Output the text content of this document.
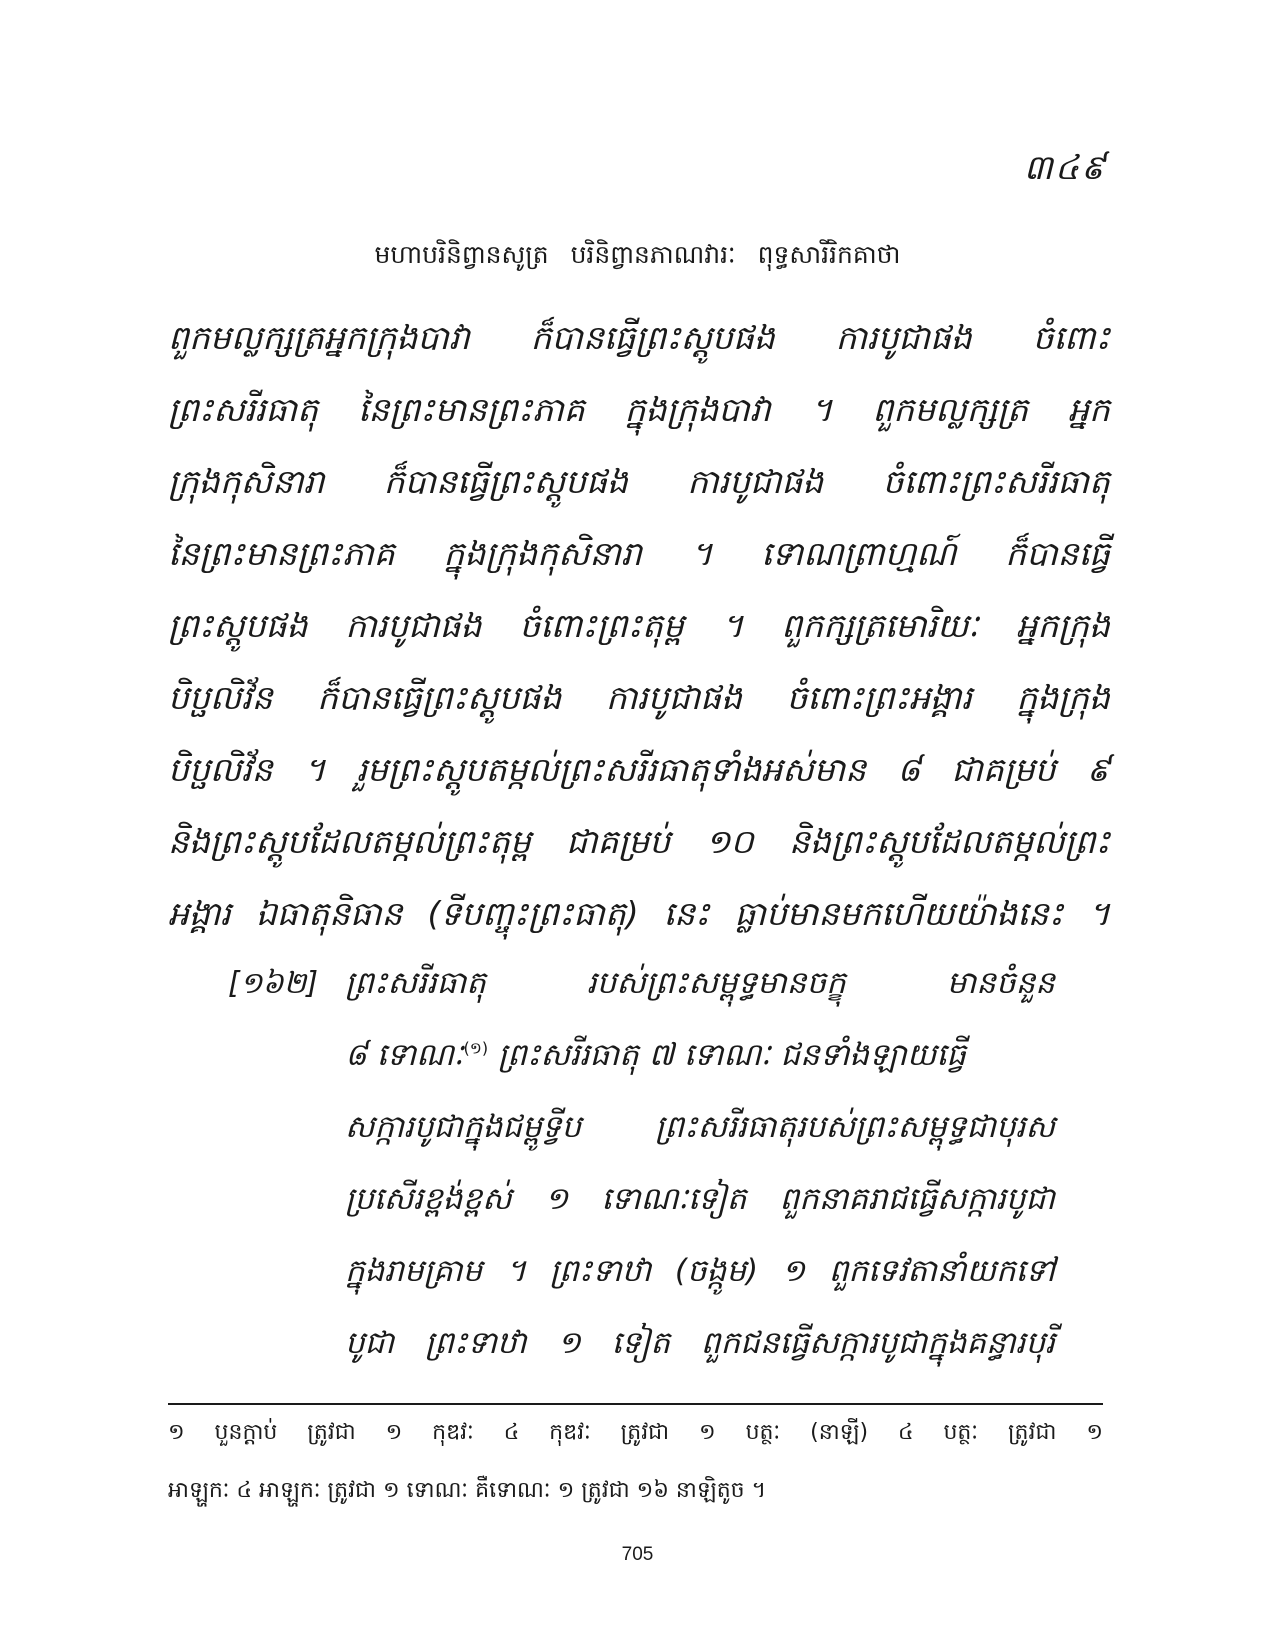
៣៤៩
មហាបរិនិព្វានសូត្រ បរិនិព្វានភាណវារៈ ពុទ្ធសារីរិកគាថា
ពួកមល្លក្សត្រអ្នកក្រុងបាវា ក៏បានធ្វើព្រះស្តូបផង ការបូជាផង ចំពោះ
ព្រះសរីរធាតុ នៃព្រះមានព្រះភាគ ក្នុងក្រុងបាវា ។ ពួកមល្លក្សត្រ អ្នក
ក្រុងកុសិនារា ក៏បានធ្វើព្រះស្តូបផង ការបូជាផង ចំពោះព្រះសរីរធាតុ
នៃព្រះមានព្រះភាគ ក្នុងក្រុងកុសិនារា ។ ទោណព្រាហ្មណ៍ ក៏បានធ្វើ
ព្រះស្តូបផង ការបូជាផង ចំពោះព្រះតុម្ព ។ ពួកក្សត្រមោរិយៈ អ្នកក្រុង
បិប្ផលិវ័ន ក៏បានធ្វើព្រះស្តូបផង ការបូជាផង ចំពោះព្រះអង្គារ ក្នុងក្រុង
បិប្ផលិវ័ន ។ រួមព្រះស្តូបតម្កល់ព្រះសរីរធាតុទាំងអស់មាន ៨ ជាគម្រប់ ៩
និងព្រះស្តូបដែលតម្កល់ព្រះតុម្ព ជាគម្រប់ ១០ និងព្រះស្តូបដែលតម្កល់ព្រះ
អង្គារ ឯធាតុនិធាន (ទីបញ្ចុះព្រះធាតុ) នេះ ធ្លាប់មានមកហើយយ៉ាងនេះ ។
[១៦២] ព្រះសរីរធាតុ របស់ព្រះសម្ពុទ្ធមានចក្ខុ មានចំនួន
៨ ទោណៈ$^{(១)}$ ព្រះសរីរធាតុ ៧ ទោណៈ ជនទាំងឡាយធ្វើ
សក្ការបូជាក្នុងជម្ពូទ្វីប ព្រះសរីរធាតុរបស់ព្រះសម្ពុទ្ធជាបុរស
ប្រសើរខ្ពង់ខ្ពស់ ១ ទោណៈទៀត ពួកនាគរាជធ្វើសក្ការបូជា
ក្នុងរាមគ្រាម ។ ព្រះទាឋា (ចង្កូម) ១ ពួកទេវតានាំយកទៅ
បូជា ព្រះទាឋា ១ ទៀត ពួកជនធ្វើសក្ការបូជាក្នុងគន្ធារបុរី
១ បួនក្តាប់ ត្រូវជា ១ កុឌវៈ ៤ កុឌវៈ ត្រូវជា ១ បត្ថៈ (នាឡី) ៤ បត្ថៈ ត្រូវជា ១
អាឡ្ហកៈ ៤ អាឡ្ហកៈ ត្រូវជា ១ ទោណៈ គឺទោណៈ ១ ត្រូវជា ១៦ នាឡិតូច ។
705
